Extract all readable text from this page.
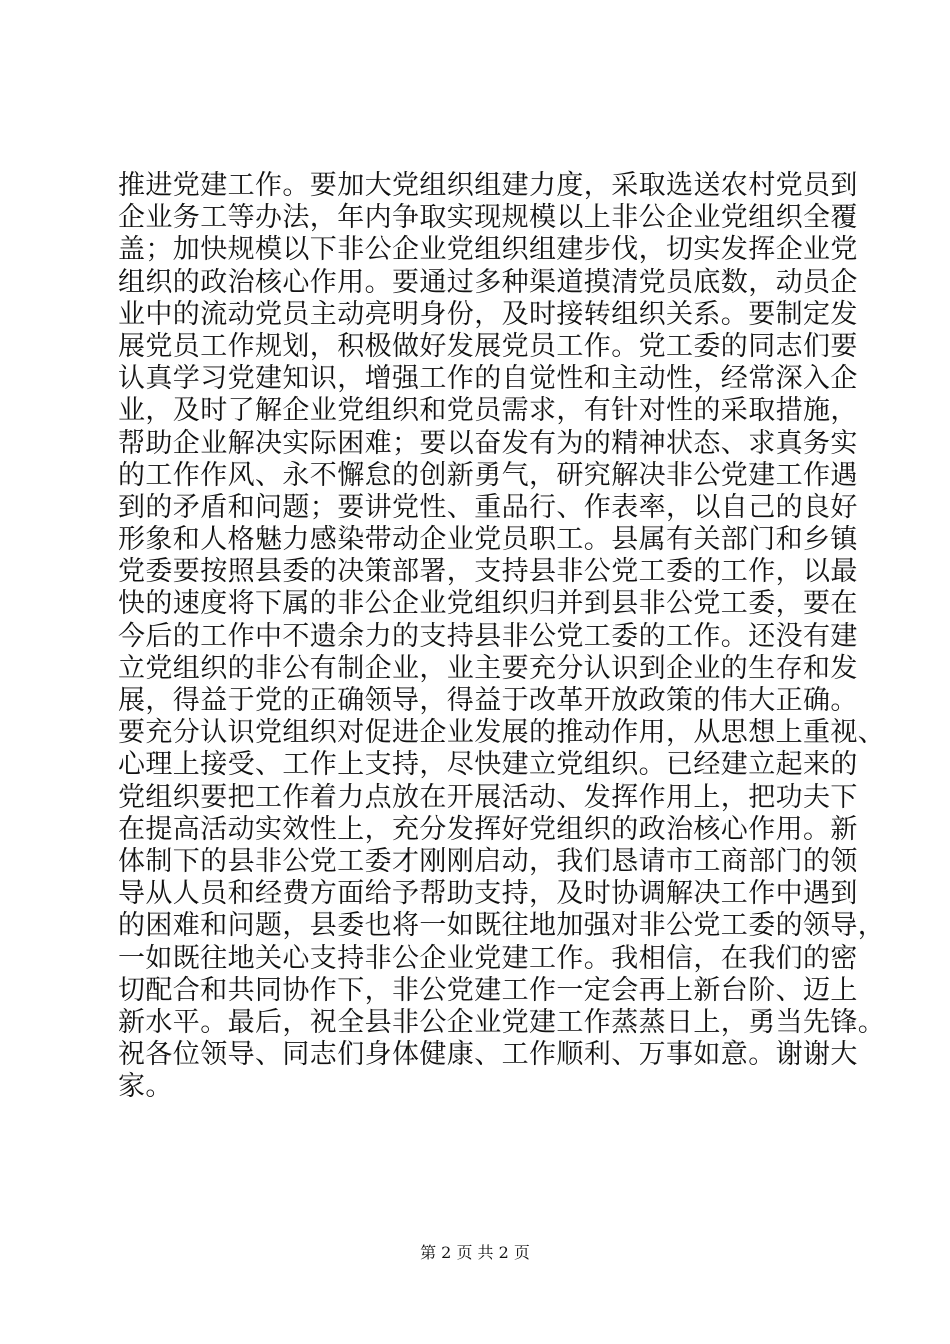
推进党建工作。要加大党组织组建力度，采取选送农村党员到
企业务工等办法，年内争取实现规模以上非公企业党组织全覆
盖；加快规模以下非公企业党组织组建步伐，切实发挥企业党
组织的政治核心作用。要通过多种渠道摸清党员底数，动员企
业中的流动党员主动亮明身份，及时接转组织关系。要制定发
展党员工作规划，积极做好发展党员工作。党工委的同志们要
认真学习党建知识，增强工作的自觉性和主动性，经常深入企
业，及时了解企业党组织和党员需求，有针对性的采取措施，
帮助企业解决实际困难；要以奋发有为的精神状态、求真务实
的工作作风、永不懈怠的创新勇气，研究解决非公党建工作遇
到的矛盾和问题；要讲党性、重品行、作表率，以自己的良好
形象和人格魅力感染带动企业党员职工。县属有关部门和乡镇
党委要按照县委的决策部署，支持县非公党工委的工作，以最
快的速度将下属的非公企业党组织归并到县非公党工委，要在
今后的工作中不遗余力的支持县非公党工委的工作。还没有建
立党组织的非公有制企业，业主要充分认识到企业的生存和发
展，得益于党的正确领导，得益于改革开放政策的伟大正确。
要充分认识党组织对促进企业发展的推动作用，从思想上重视、
心理上接受、工作上支持，尽快建立党组织。已经建立起来的
党组织要把工作着力点放在开展活动、发挥作用上，把功夫下
在提高活动实效性上，充分发挥好党组织的政治核心作用。新
体制下的县非公党工委才刚刚启动，我们恳请市工商部门的领
导从人员和经费方面给予帮助支持，及时协调解决工作中遇到
的困难和问题，县委也将一如既往地加强对非公党工委的领导，
一如既往地关心支持非公企业党建工作。我相信，在我们的密
切配合和共同协作下，非公党建工作一定会再上新台阶、迈上
新水平。最后，祝全县非公企业党建工作蒸蒸日上，勇当先锋。
祝各位领导、同志们身体健康、工作顺利、万事如意。谢谢大
家。
第 2 页 共 2 页
